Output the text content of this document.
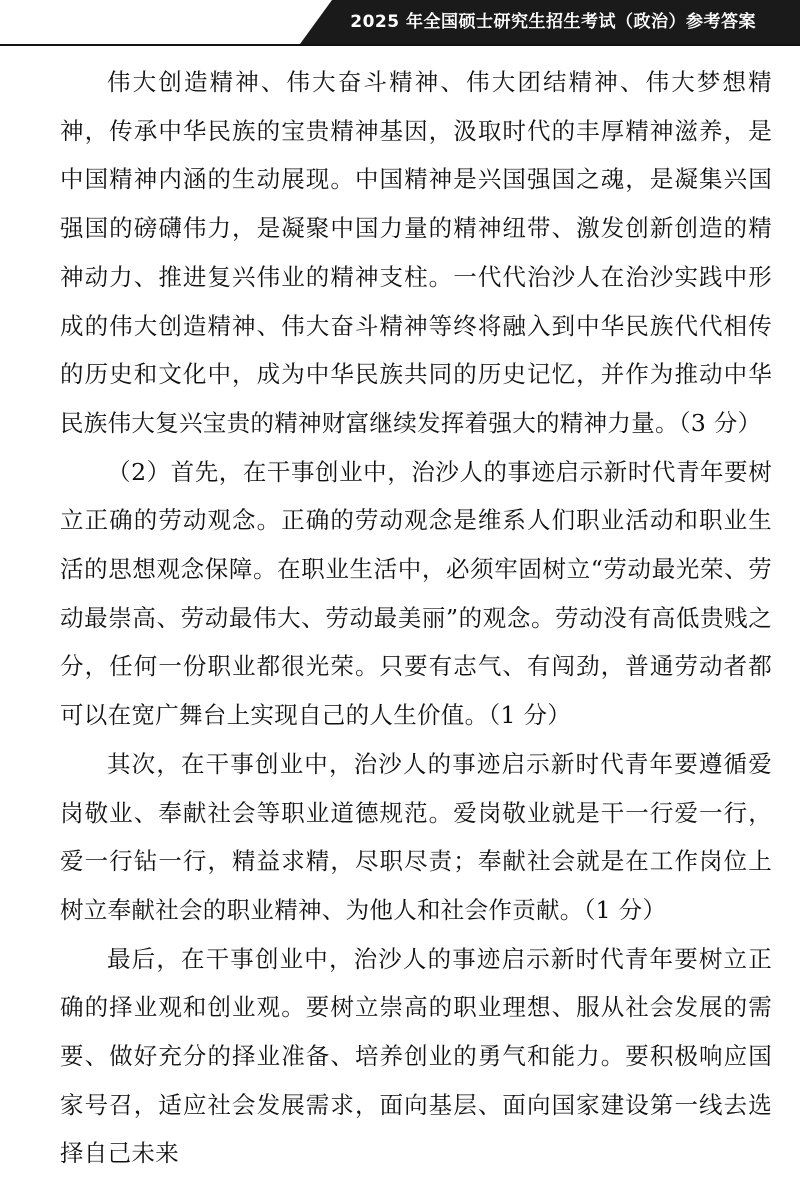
2025 年全国硕士研究生招生考试（政治）参考答案

伟大创造精神、伟大奋斗精神、伟大团结精神、伟大梦想精神，传承中华民族的宝贵精神基因，汲取时代的丰厚精神滋养，是中国精神内涵的生动展现。中国精神是兴国强国之魂，是凝集兴国强国的磅礴伟力，是凝聚中国力量的精神纽带、激发创新创造的精神动力、推进复兴伟业的精神支柱。一代代治沙人在治沙实践中形成的伟大创造精神、伟大奋斗精神等终将融入到中华民族代代相传的历史和文化中，成为中华民族共同的历史记忆，并作为推动中华民族伟大复兴宝贵的精神财富继续发挥着强大的精神力量。（3 分）

（2）首先，在干事创业中，治沙人的事迹启示新时代青年要树立正确的劳动观念。正确的劳动观念是维系人们职业活动和职业生活的思想观念保障。在职业生活中，必须牢固树立“劳动最光荣、劳动最崇高、劳动最伟大、劳动最美丽”的观念。劳动没有高低贵贱之分，任何一份职业都很光荣。只要有志气、有闯劲，普通劳动者都可以在宽广舞台上实现自己的人生价值。（1 分）

其次，在干事创业中，治沙人的事迹启示新时代青年要遵循爱岗敬业、奉献社会等职业道德规范。爱岗敬业就是干一行爱一行，爱一行钻一行，精益求精，尽职尽责；奉献社会就是在工作岗位上树立奉献社会的职业精神、为他人和社会作贡献。（1 分）

最后，在干事创业中，治沙人的事迹启示新时代青年要树立正确的择业观和创业观。要树立崇高的职业理想、服从社会发展的需要、做好充分的择业准备、培养创业的勇气和能力。要积极响应国家号召，适应社会发展需求，面向基层、面向国家建设第一线去选择自己未来
